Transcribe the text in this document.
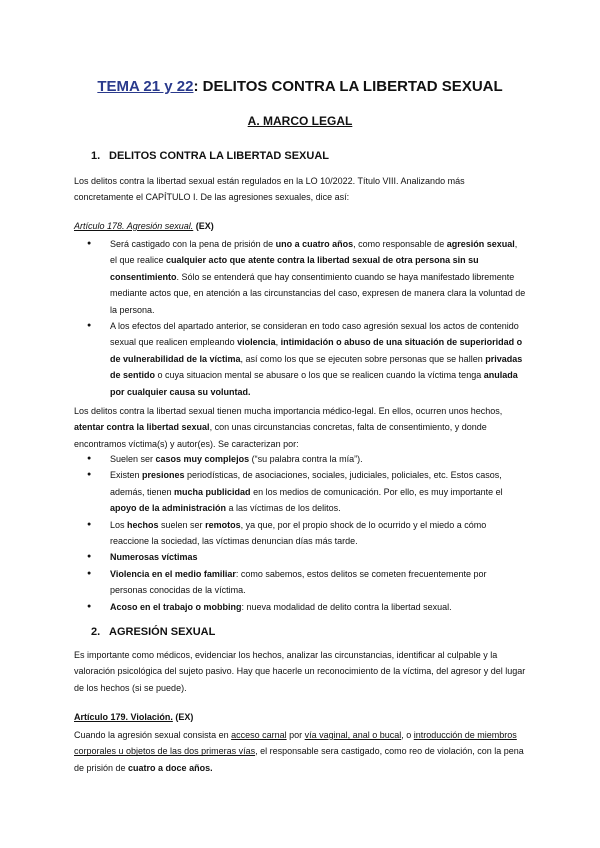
TEMA 21 y 22: DELITOS CONTRA LA LIBERTAD SEXUAL
A. MARCO LEGAL
1. DELITOS CONTRA LA LIBERTAD SEXUAL

Los delitos contra la libertad sexual están regulados en la LO 10/2022. Título VIII. Analizando más concretamente el CAPÍTULO I. De las agresiones sexuales, dice así:

Artículo 178. Agresión sexual. (EX)
● Será castigado con la pena de prisión de uno a cuatro años, como responsable de agresión sexual, el que realice cualquier acto que atente contra la libertad sexual de otra persona sin su consentimiento. Sólo se entenderá que hay consentimiento cuando se haya manifestado libremente mediante actos que, en atención a las circunstancias del caso, expresen de manera clara la voluntad de la persona.
● A los efectos del apartado anterior, se consideran en todo caso agresión sexual los actos de contenido sexual que realicen empleando violencia, intimidación o abuso de una situación de superioridad o de vulnerabilidad de la víctima, así como los que se ejecuten sobre personas que se hallen privadas de sentido o cuya situacion mental se abusare o los que se realicen cuando la víctima tenga anulada por cualquier causa su voluntad.

Los delitos contra la libertad sexual tienen mucha importancia médico-legal. En ellos, ocurren unos hechos, atentar contra la libertad sexual, con unas circunstancias concretas, falta de consentimiento, y donde encontramos víctima(s) y autor(es). Se caracterizan por:

● Suelen ser casos muy complejos (“su palabra contra la mía”).
● Existen presiones periodísticas, de asociaciones, sociales, judiciales, policiales, etc. Estos casos, además, tienen mucha publicidad en los medios de comunicación. Por ello, es muy importante el apoyo de la administración a las víctimas de los delitos.
● Los hechos suelen ser remotos, ya que, por el propio shock de lo ocurrido y el miedo a cómo reaccione la sociedad, las víctimas denuncian días más tarde.
● Numerosas víctimas
● Violencia en el medio familiar: como sabemos, estos delitos se cometen frecuentemente por personas conocidas de la víctima.
● Acoso en el trabajo o mobbing: nueva modalidad de delito contra la libertad sexual.
2. AGRESIÓN SEXUAL

Es importante como médicos, evidenciar los hechos, analizar las circunstancias, identificar al culpable y la valoración psicológica del sujeto pasivo. Hay que hacerle un reconocimiento de la víctima, del agresor y del lugar de los hechos (si se puede).

Artículo 179. Violación. (EX)

Cuando la agresión sexual consista en acceso carnal por vía vaginal, anal o bucal, o introducción de miembros corporales u objetos de las dos primeras vías, el responsable sera castigado, como reo de violación, con la pena de prisión de cuatro a doce años.
